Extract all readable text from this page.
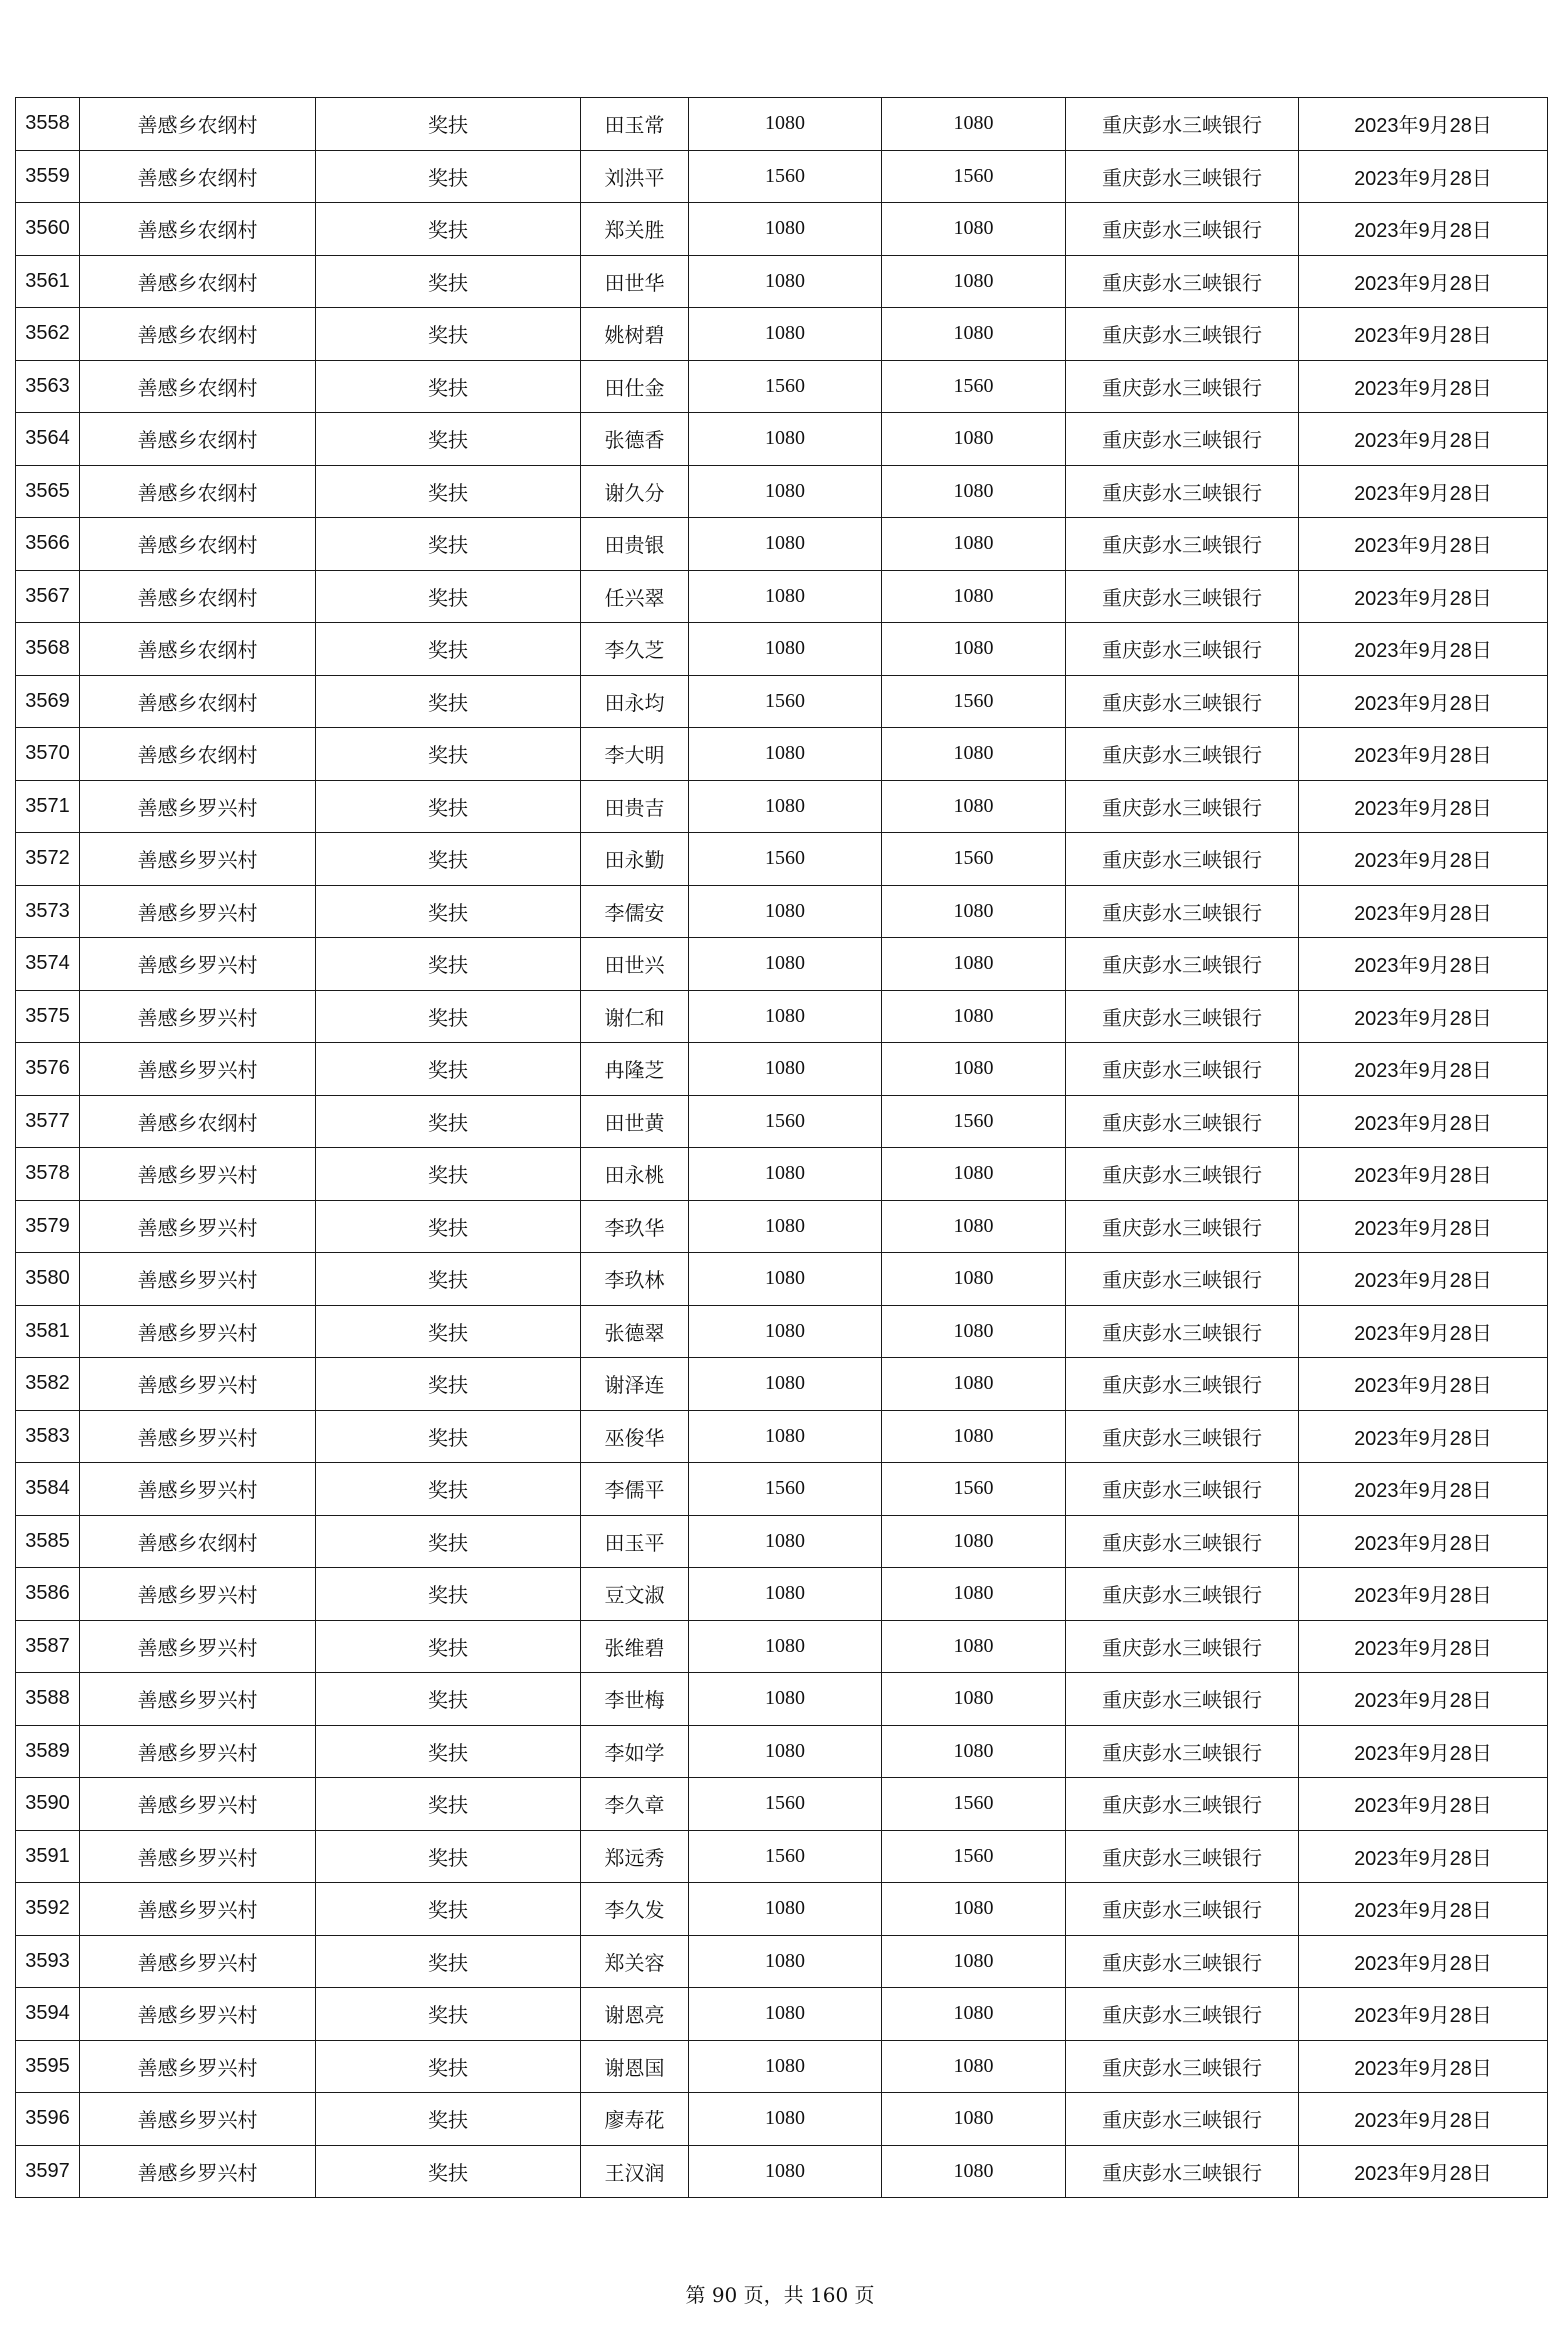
3558	善感乡农纲村	奖扶	田玉常	1080	1080	重庆彭水三峡银行	2023年9月28日
3559	善感乡农纲村	奖扶	刘洪平	1560	1560	重庆彭水三峡银行	2023年9月28日
3560	善感乡农纲村	奖扶	郑关胜	1080	1080	重庆彭水三峡银行	2023年9月28日
3561	善感乡农纲村	奖扶	田世华	1080	1080	重庆彭水三峡银行	2023年9月28日
3562	善感乡农纲村	奖扶	姚树碧	1080	1080	重庆彭水三峡银行	2023年9月28日
3563	善感乡农纲村	奖扶	田仕金	1560	1560	重庆彭水三峡银行	2023年9月28日
3564	善感乡农纲村	奖扶	张德香	1080	1080	重庆彭水三峡银行	2023年9月28日
3565	善感乡农纲村	奖扶	谢久分	1080	1080	重庆彭水三峡银行	2023年9月28日
3566	善感乡农纲村	奖扶	田贵银	1080	1080	重庆彭水三峡银行	2023年9月28日
3567	善感乡农纲村	奖扶	任兴翠	1080	1080	重庆彭水三峡银行	2023年9月28日
3568	善感乡农纲村	奖扶	李久芝	1080	1080	重庆彭水三峡银行	2023年9月28日
3569	善感乡农纲村	奖扶	田永均	1560	1560	重庆彭水三峡银行	2023年9月28日
3570	善感乡农纲村	奖扶	李大明	1080	1080	重庆彭水三峡银行	2023年9月28日
3571	善感乡罗兴村	奖扶	田贵吉	1080	1080	重庆彭水三峡银行	2023年9月28日
3572	善感乡罗兴村	奖扶	田永勤	1560	1560	重庆彭水三峡银行	2023年9月28日
3573	善感乡罗兴村	奖扶	李儒安	1080	1080	重庆彭水三峡银行	2023年9月28日
3574	善感乡罗兴村	奖扶	田世兴	1080	1080	重庆彭水三峡银行	2023年9月28日
3575	善感乡罗兴村	奖扶	谢仁和	1080	1080	重庆彭水三峡银行	2023年9月28日
3576	善感乡罗兴村	奖扶	冉隆芝	1080	1080	重庆彭水三峡银行	2023年9月28日
3577	善感乡农纲村	奖扶	田世黄	1560	1560	重庆彭水三峡银行	2023年9月28日
3578	善感乡罗兴村	奖扶	田永桃	1080	1080	重庆彭水三峡银行	2023年9月28日
3579	善感乡罗兴村	奖扶	李玖华	1080	1080	重庆彭水三峡银行	2023年9月28日
3580	善感乡罗兴村	奖扶	李玖林	1080	1080	重庆彭水三峡银行	2023年9月28日
3581	善感乡罗兴村	奖扶	张德翠	1080	1080	重庆彭水三峡银行	2023年9月28日
3582	善感乡罗兴村	奖扶	谢泽连	1080	1080	重庆彭水三峡银行	2023年9月28日
3583	善感乡罗兴村	奖扶	巫俊华	1080	1080	重庆彭水三峡银行	2023年9月28日
3584	善感乡罗兴村	奖扶	李儒平	1560	1560	重庆彭水三峡银行	2023年9月28日
3585	善感乡农纲村	奖扶	田玉平	1080	1080	重庆彭水三峡银行	2023年9月28日
3586	善感乡罗兴村	奖扶	豆文淑	1080	1080	重庆彭水三峡银行	2023年9月28日
3587	善感乡罗兴村	奖扶	张维碧	1080	1080	重庆彭水三峡银行	2023年9月28日
3588	善感乡罗兴村	奖扶	李世梅	1080	1080	重庆彭水三峡银行	2023年9月28日
3589	善感乡罗兴村	奖扶	李如学	1080	1080	重庆彭水三峡银行	2023年9月28日
3590	善感乡罗兴村	奖扶	李久章	1560	1560	重庆彭水三峡银行	2023年9月28日
3591	善感乡罗兴村	奖扶	郑远秀	1560	1560	重庆彭水三峡银行	2023年9月28日
3592	善感乡罗兴村	奖扶	李久发	1080	1080	重庆彭水三峡银行	2023年9月28日
3593	善感乡罗兴村	奖扶	郑关容	1080	1080	重庆彭水三峡银行	2023年9月28日
3594	善感乡罗兴村	奖扶	谢恩亮	1080	1080	重庆彭水三峡银行	2023年9月28日
3595	善感乡罗兴村	奖扶	谢恩国	1080	1080	重庆彭水三峡银行	2023年9月28日
3596	善感乡罗兴村	奖扶	廖寿花	1080	1080	重庆彭水三峡银行	2023年9月28日
3597	善感乡罗兴村	奖扶	王汉润	1080	1080	重庆彭水三峡银行	2023年9月28日
第 90 页，共 160 页
